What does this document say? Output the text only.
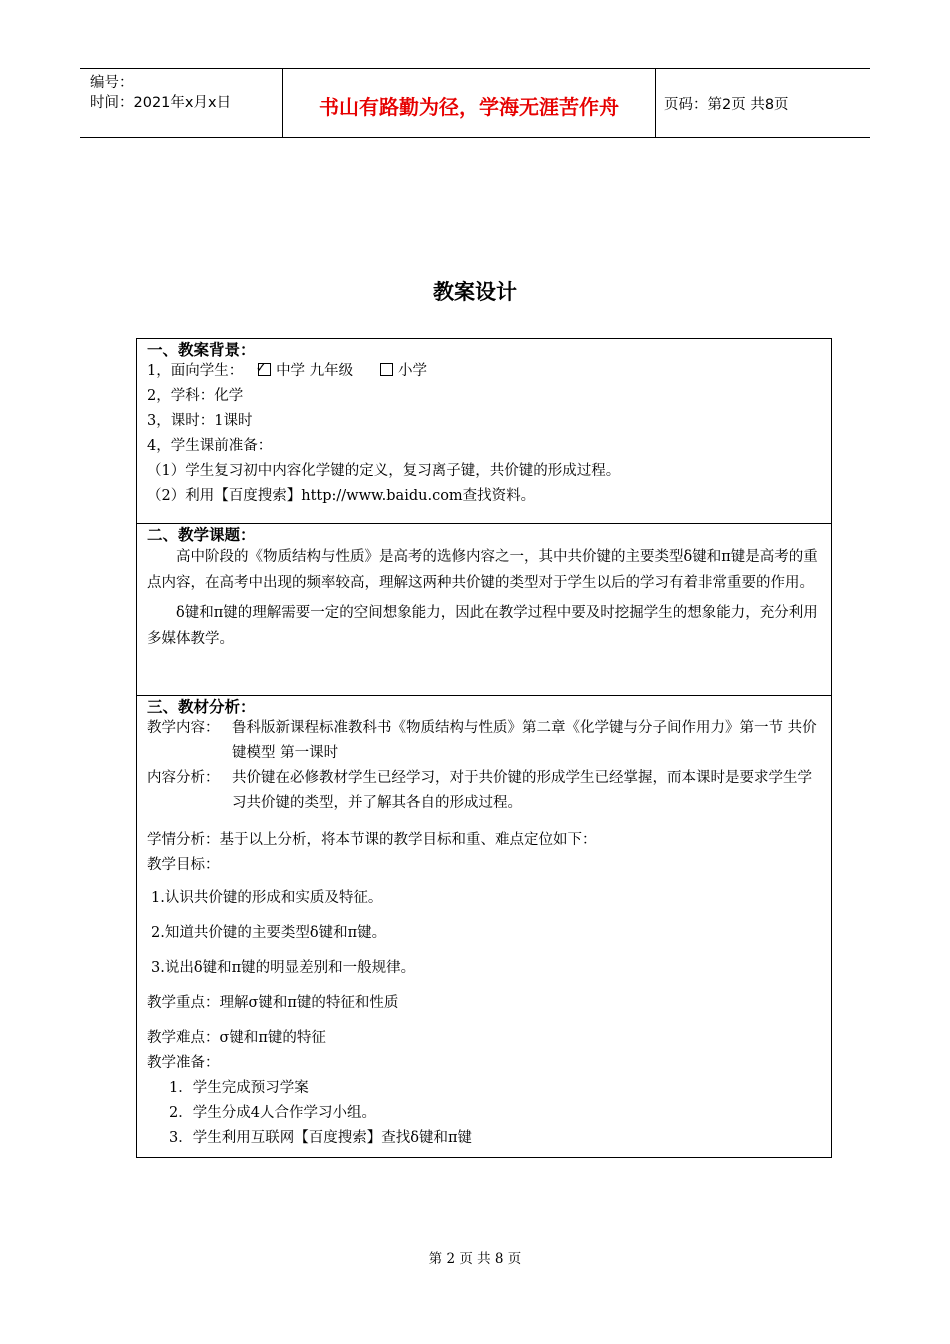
编号：
时间：2021年x月x日	书山有路勤为径，学海无涯苦作舟	页码：第2页 共8页
教案设计
一、教案背景：
1，面向学生： ✓ 中学 九年级	小学
2，学科：化学
3，课时：1课时
4，学生课前准备：
（1）学生复习初中内容化学键的定义，复习离子键，共价键的形成过程。
（2）利用【百度搜索】http://www.baidu.com查找资料。
二、教学课题：
高中阶段的《物质结构与性质》是高考的选修内容之一，其中共价键的主要类型δ键和π键是高考的重点内容，在高考中出现的频率较高，理解这两种共价键的类型对于学生以后的学习有着非常重要的作用。
δ键和π键的理解需要一定的空间想象能力，因此在教学过程中要及时挖掘学生的想象能力，充分利用多媒体教学。
三、教材分析：
教学内容： 鲁科版新课程标准教科书《物质结构与性质》第二章《化学键与分子间作用力》第一节 共价键模型 第一课时
内容分析： 共价键在必修教材学生已经学习，对于共价键的形成学生已经掌握，而本课时是要求学生学习共价键的类型，并了解其各自的形成过程。
学情分析：基于以上分析，将本节课的教学目标和重、难点定位如下：
教学目标：
1.认识共价键的形成和实质及特征。
2.知道共价键的主要类型δ键和π键。
3.说出δ键和π键的明显差别和一般规律。
教学重点：理解σ键和π键的特征和性质
教学难点：σ键和π键的特征
教学准备：
1．学生完成预习学案
2．学生分成4人合作学习小组。
3．学生利用互联网【百度搜索】查找δ键和π键
第 2 页 共 8 页
